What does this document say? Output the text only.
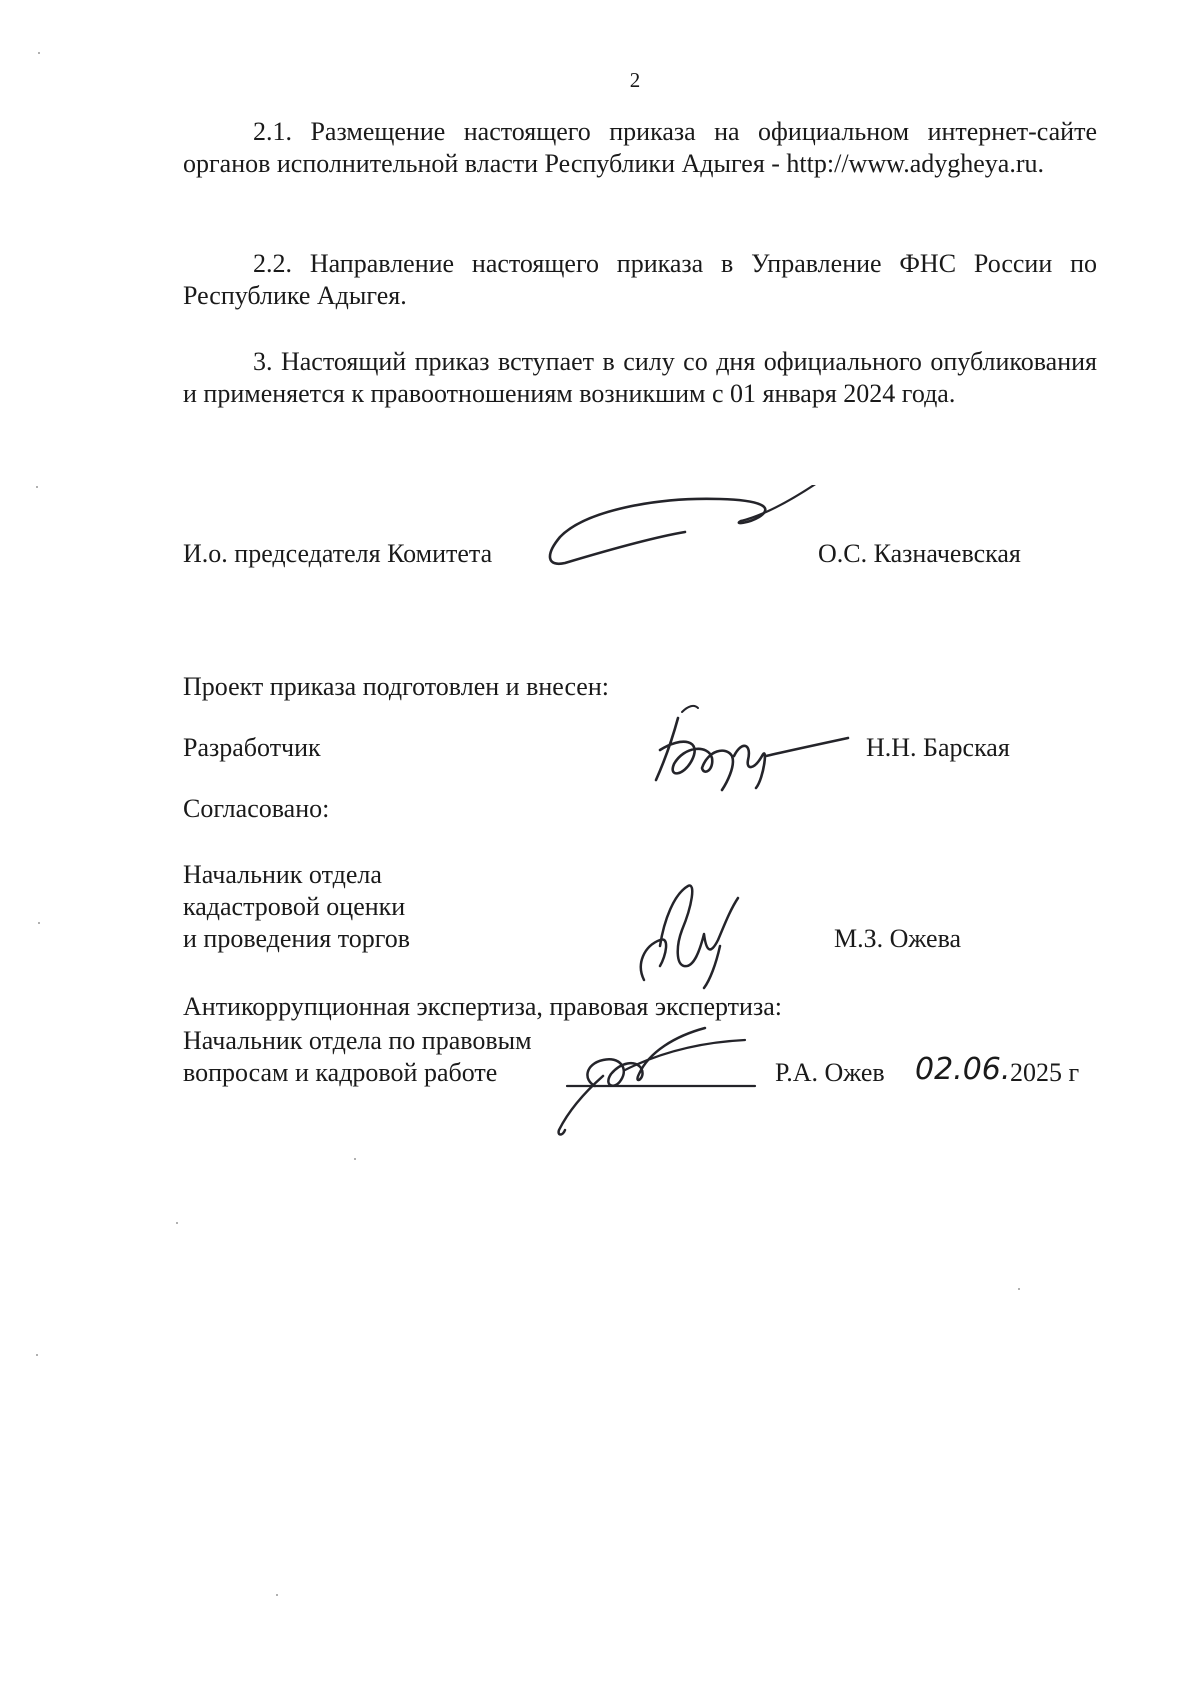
2
2.1. Размещение настоящего приказа на официальном интернет-сайте органов исполнительной власти Республики Адыгея - http://www.adygheya.ru.
2.2. Направление настоящего приказа в Управление ФНС России по Республике Адыгея.
3. Настоящий приказ вступает в силу со дня официального опубликования и применяется к правоотношениям возникшим с 01 января 2024 года.
И.о. председателя Комитета	О.С. Казначевская
Проект приказа подготовлен и внесен:
Разработчик	Н.Н. Барская
Согласовано:
Начальник отдела
кадастровой оценки
и проведения торгов	М.З. Ожева
Антикоррупционная экспертиза, правовая экспертиза:
Начальник отдела по правовым
вопросам и кадровой работе	Р.А. Ожев 02.06. 2025 г
